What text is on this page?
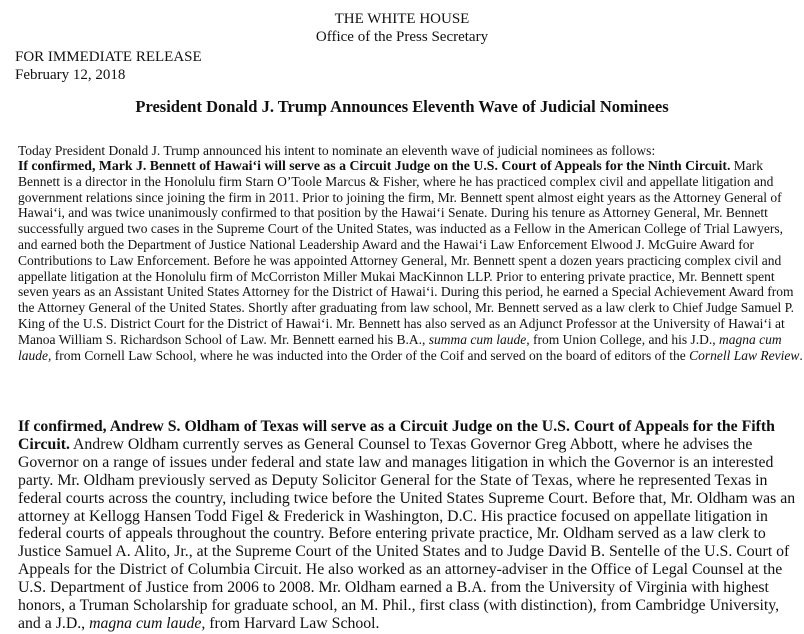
THE WHITE HOUSE
Office of the Press Secretary
FOR IMMEDIATE RELEASE
February 12, 2018
President Donald J. Trump Announces Eleventh Wave of Judicial Nominees
Today President Donald J. Trump announced his intent to nominate an eleventh wave of judicial nominees as follows:
If confirmed, Mark J. Bennett of Hawai‘i will serve as a Circuit Judge on the U.S. Court of Appeals for the Ninth Circuit. Mark Bennett is a director in the Honolulu firm Starn O’Toole Marcus & Fisher, where he has practiced complex civil and appellate litigation and government relations since joining the firm in 2011. Prior to joining the firm, Mr. Bennett spent almost eight years as the Attorney General of Hawai‘i, and was twice unanimously confirmed to that position by the Hawai‘i Senate. During his tenure as Attorney General, Mr. Bennett successfully argued two cases in the Supreme Court of the United States, was inducted as a Fellow in the American College of Trial Lawyers, and earned both the Department of Justice National Leadership Award and the Hawai‘i Law Enforcement Elwood J. McGuire Award for Contributions to Law Enforcement. Before he was appointed Attorney General, Mr. Bennett spent a dozen years practicing complex civil and appellate litigation at the Honolulu firm of McCorriston Miller Mukai MacKinnon LLP. Prior to entering private practice, Mr. Bennett spent seven years as an Assistant United States Attorney for the District of Hawai‘i. During this period, he earned a Special Achievement Award from the Attorney General of the United States. Shortly after graduating from law school, Mr. Bennett served as a law clerk to Chief Judge Samuel P. King of the U.S. District Court for the District of Hawai‘i. Mr. Bennett has also served as an Adjunct Professor at the University of Hawai‘i at Manoa William S. Richardson School of Law. Mr. Bennett earned his B.A., summa cum laude, from Union College, and his J.D., magna cum laude, from Cornell Law School, where he was inducted into the Order of the Coif and served on the board of editors of the Cornell Law Review.
If confirmed, Andrew S. Oldham of Texas will serve as a Circuit Judge on the U.S. Court of Appeals for the Fifth Circuit. Andrew Oldham currently serves as General Counsel to Texas Governor Greg Abbott, where he advises the Governor on a range of issues under federal and state law and manages litigation in which the Governor is an interested party. Mr. Oldham previously served as Deputy Solicitor General for the State of Texas, where he represented Texas in federal courts across the country, including twice before the United States Supreme Court. Before that, Mr. Oldham was an attorney at Kellogg Hansen Todd Figel & Frederick in Washington, D.C. His practice focused on appellate litigation in federal courts of appeals throughout the country. Before entering private practice, Mr. Oldham served as a law clerk to Justice Samuel A. Alito, Jr., at the Supreme Court of the United States and to Judge David B. Sentelle of the U.S. Court of Appeals for the District of Columbia Circuit. He also worked as an attorney-adviser in the Office of Legal Counsel at the U.S. Department of Justice from 2006 to 2008. Mr. Oldham earned a B.A. from the University of Virginia with highest honors, a Truman Scholarship for graduate school, an M. Phil., first class (with distinction), from Cambridge University, and a J.D., magna cum laude, from Harvard Law School.
